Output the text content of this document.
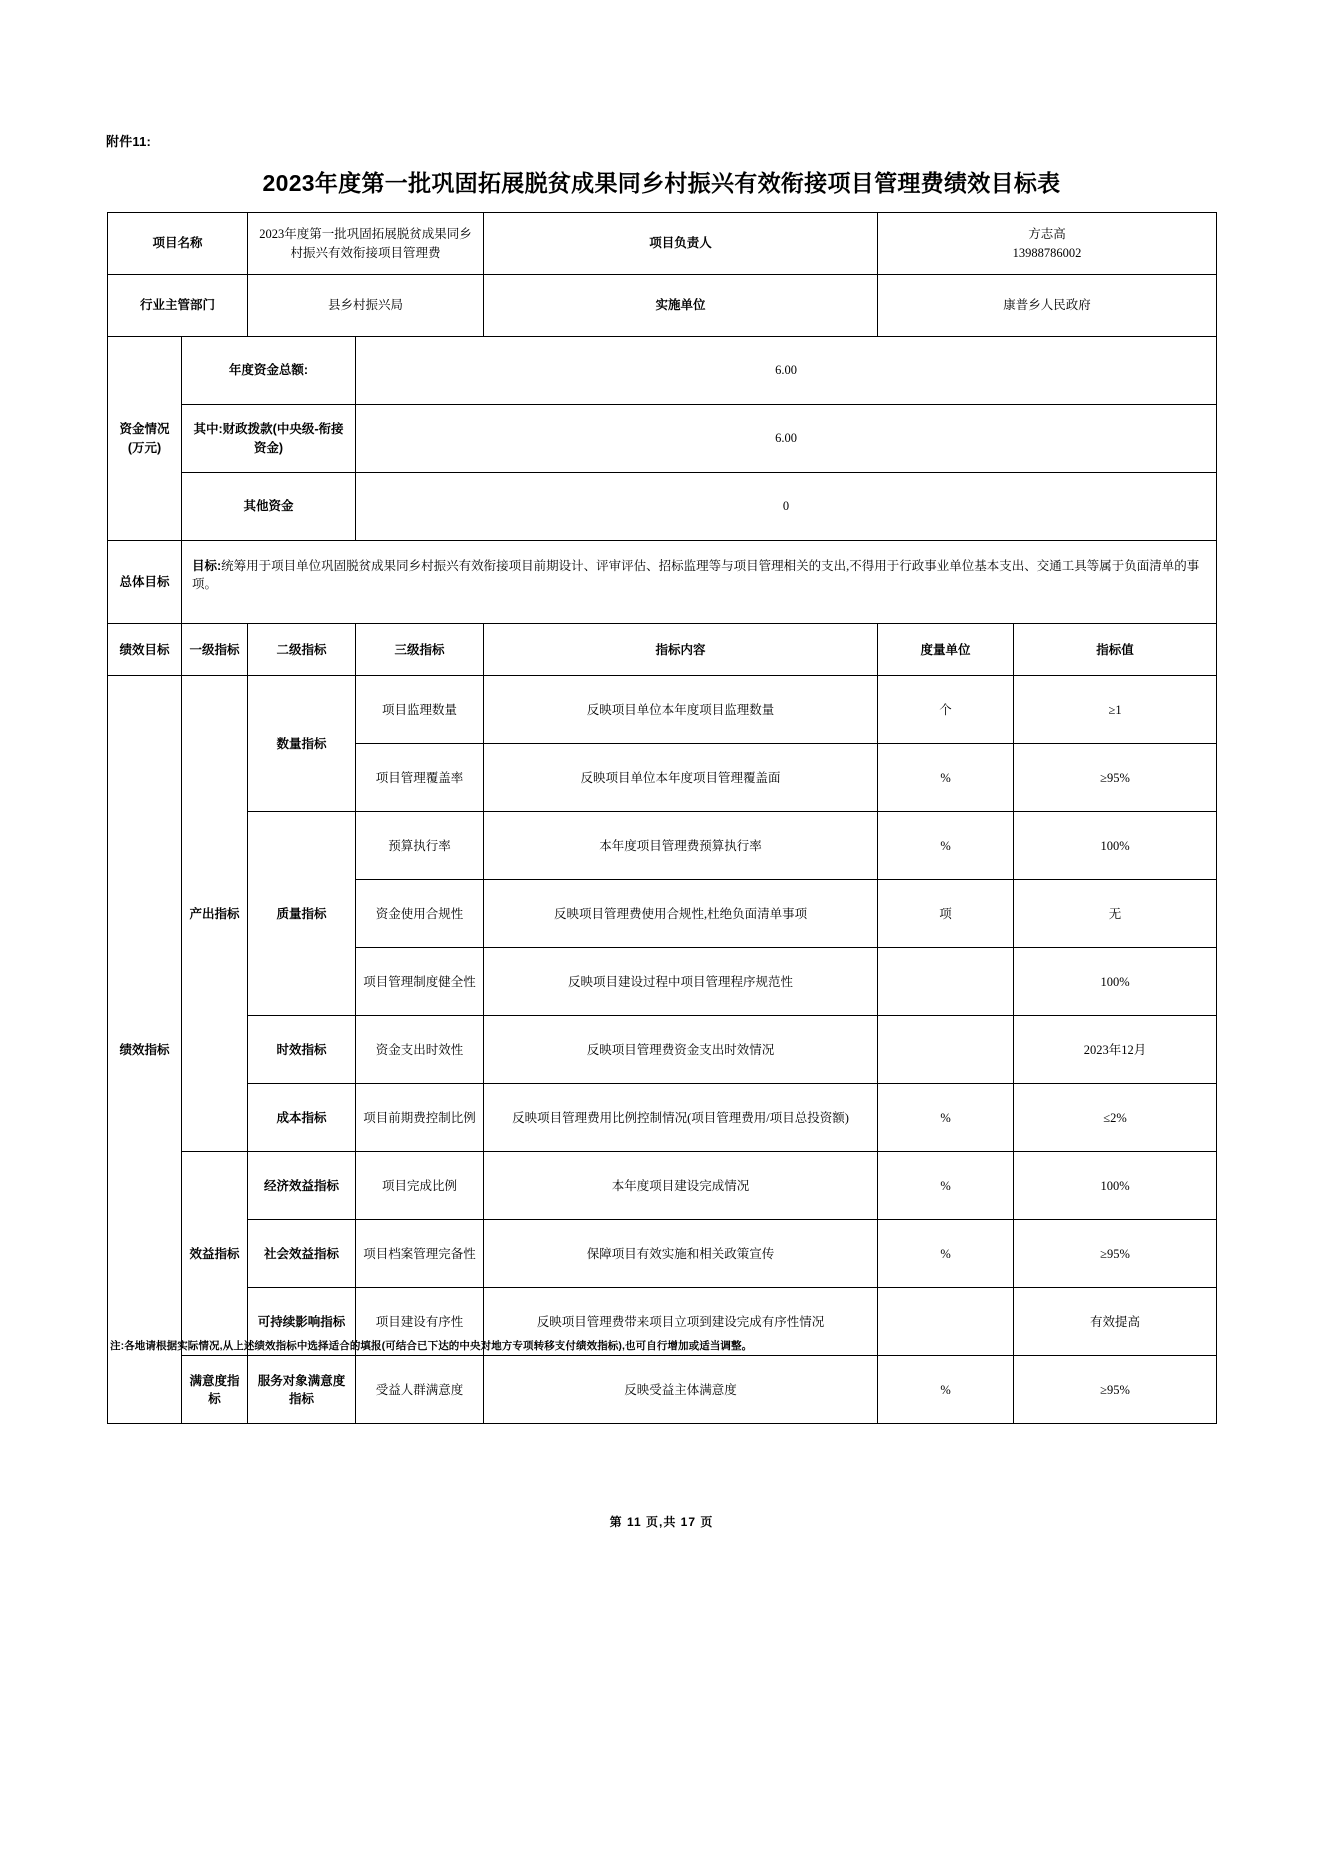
附件11:
2023年度第一批巩固拓展脱贫成果同乡村振兴有效衔接项目管理费绩效目标表
项目名称		2023年度第一批巩固拓展脱贫成果同乡村振兴有效衔接项目管理费		项目负责人	方志高
13988786002	

行业主管部门		县乡村振兴局		实施单位	康普乡人民政府	
资金情况(万元)	年度资金总额:		6.00			
	其中:财政拨款(中央级-衔接资金)		6.00			
	其他资金		0			
总体目标	目标:统筹用于项目单位巩固脱贫成果同乡村振兴有效衔接项目前期设计、评审评估、招标监理等与项目管理相关的支出,不得用于行政事业单位基本支出、交通工具等属于负面清单的事项。					
绩效目标	一级指标	二级指标	三级指标	指标内容	度量单位	指标值
绩效指标	产出指标	数量指标	项目监理数量	反映项目单位本年度项目监理数量	个	≥1
			项目管理覆盖率	反映项目单位本年度项目管理覆盖面	%	≥95%
		质量指标	预算执行率	本年度项目管理费预算执行率	%	100%
			资金使用合规性	反映项目管理费使用合规性,杜绝负面清单事项	项	无
			项目管理制度健全性	反映项目建设过程中项目管理程序规范性		100%
		时效指标	资金支出时效性	反映项目管理费资金支出时效情况		2023年12月
		成本指标	项目前期费控制比例	反映项目管理费用比例控制情况(项目管理费用/项目总投资额)	%	≤2%
	效益指标	经济效益指标	项目完成比例	本年度项目建设完成情况	%	100%
		社会效益指标	项目档案管理完备性	保障项目有效实施和相关政策宣传	%	≥95%
		可持续影响指标	项目建设有序性	反映项目管理费带来项目立项到建设完成有序性情况		有效提高
	满意度指标	服务对象满意度指标	受益人群满意度	反映受益主体满意度	%	≥95%
注:各地请根据实际情况,从上述绩效指标中选择适合的填报(可结合已下达的中央对地方专项转移支付绩效指标),也可自行增加或适当调整。
第 11 页,共 17 页
